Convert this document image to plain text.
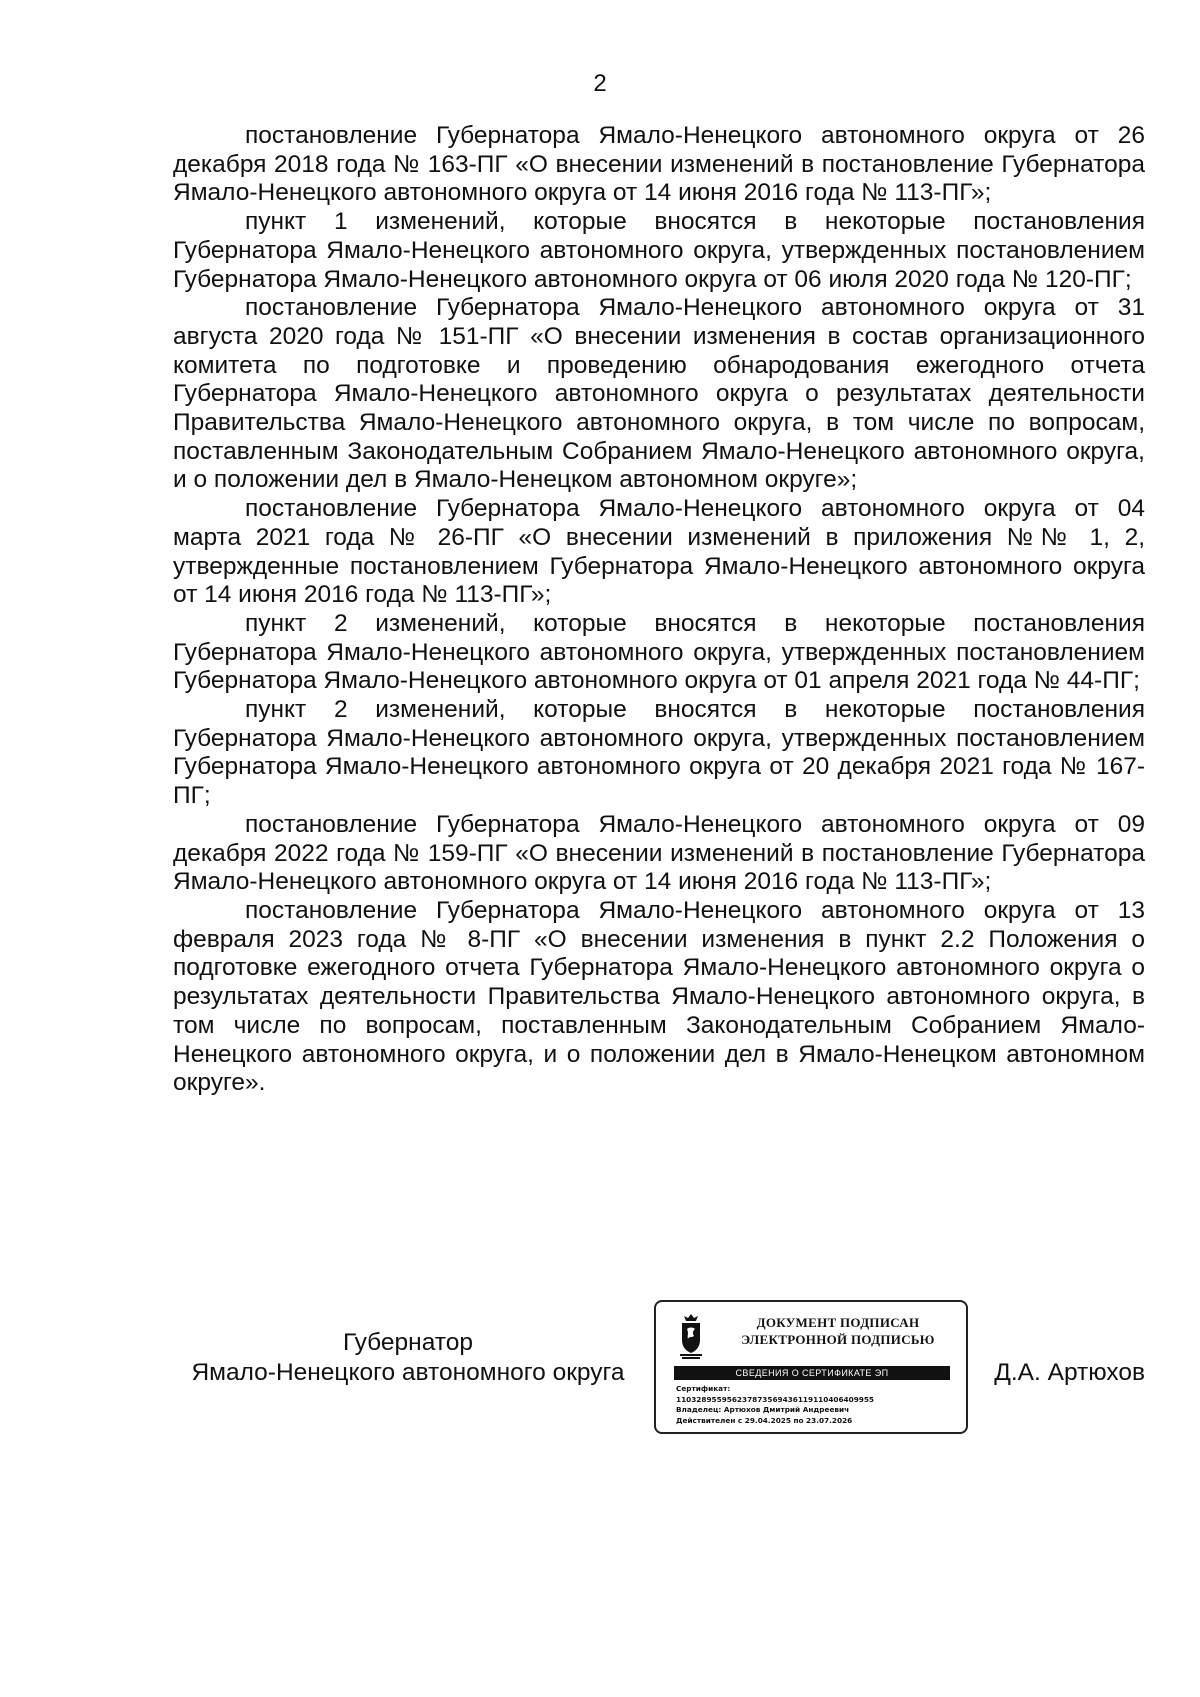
2

постановление Губернатора Ямало-Ненецкого автономного округа от 26 декабря 2018 года № 163-ПГ «О внесении изменений в постановление Губернатора Ямало-Ненецкого автономного округа от 14 июня 2016 года № 113-ПГ»;

пункт 1 изменений, которые вносятся в некоторые постановления Губернатора Ямало-Ненецкого автономного округа, утвержденных постановлением Губернатора Ямало-Ненецкого автономного округа от 06 июля 2020 года № 120-ПГ;

постановление Губернатора Ямало-Ненецкого автономного округа от 31 августа 2020 года № 151-ПГ «О внесении изменения в состав организационного комитета по подготовке и проведению обнародования ежегодного отчета Губернатора Ямало-Ненецкого автономного округа о результатах деятельности Правительства Ямало-Ненецкого автономного округа, в том числе по вопросам, поставленным Законодательным Собранием Ямало-Ненецкого автономного округа, и о положении дел в Ямало-Ненецком автономном округе»;

постановление Губернатора Ямало-Ненецкого автономного округа от 04 марта 2021 года № 26-ПГ «О внесении изменений в приложения №№ 1, 2, утвержденные постановлением Губернатора Ямало-Ненецкого автономного округа от 14 июня 2016 года № 113-ПГ»;

пункт 2 изменений, которые вносятся в некоторые постановления Губернатора Ямало-Ненецкого автономного округа, утвержденных постановлением Губернатора Ямало-Ненецкого автономного округа от 01 апреля 2021 года № 44-ПГ;

пункт 2 изменений, которые вносятся в некоторые постановления Губернатора Ямало-Ненецкого автономного округа, утвержденных постановлением Губернатора Ямало-Ненецкого автономного округа от 20 декабря 2021 года № 167-ПГ;

постановление Губернатора Ямало-Ненецкого автономного округа от 09 декабря 2022 года № 159-ПГ «О внесении изменений в постановление Губернатора Ямало-Ненецкого автономного округа от 14 июня 2016 года № 113-ПГ»;

постановление Губернатора Ямало-Ненецкого автономного округа от 13 февраля 2023 года № 8-ПГ «О внесении изменения в пункт 2.2 Положения о подготовке ежегодного отчета Губернатора Ямало-Ненецкого автономного округа о результатах деятельности Правительства Ямало-Ненецкого автономного округа, в том числе по вопросам, поставленным Законодательным Собранием Ямало-Ненецкого автономного округа, и о положении дел в Ямало-Ненецком автономном округе».

Губернатор
Ямало-Ненецкого автономного округа
ДОКУМЕНТ ПОДПИСАН
ЭЛЕКТРОННОЙ ПОДПИСЬЮ
СВЕДЕНИЯ О СЕРТИФИКАТЕ ЭП
Сертификат:
110328955956237873569436119110406409955
Владелец: Артюхов Дмитрий Андреевич
Действителен с 29.04.2025 по 23.07.2026
Д.А. Артюхов
